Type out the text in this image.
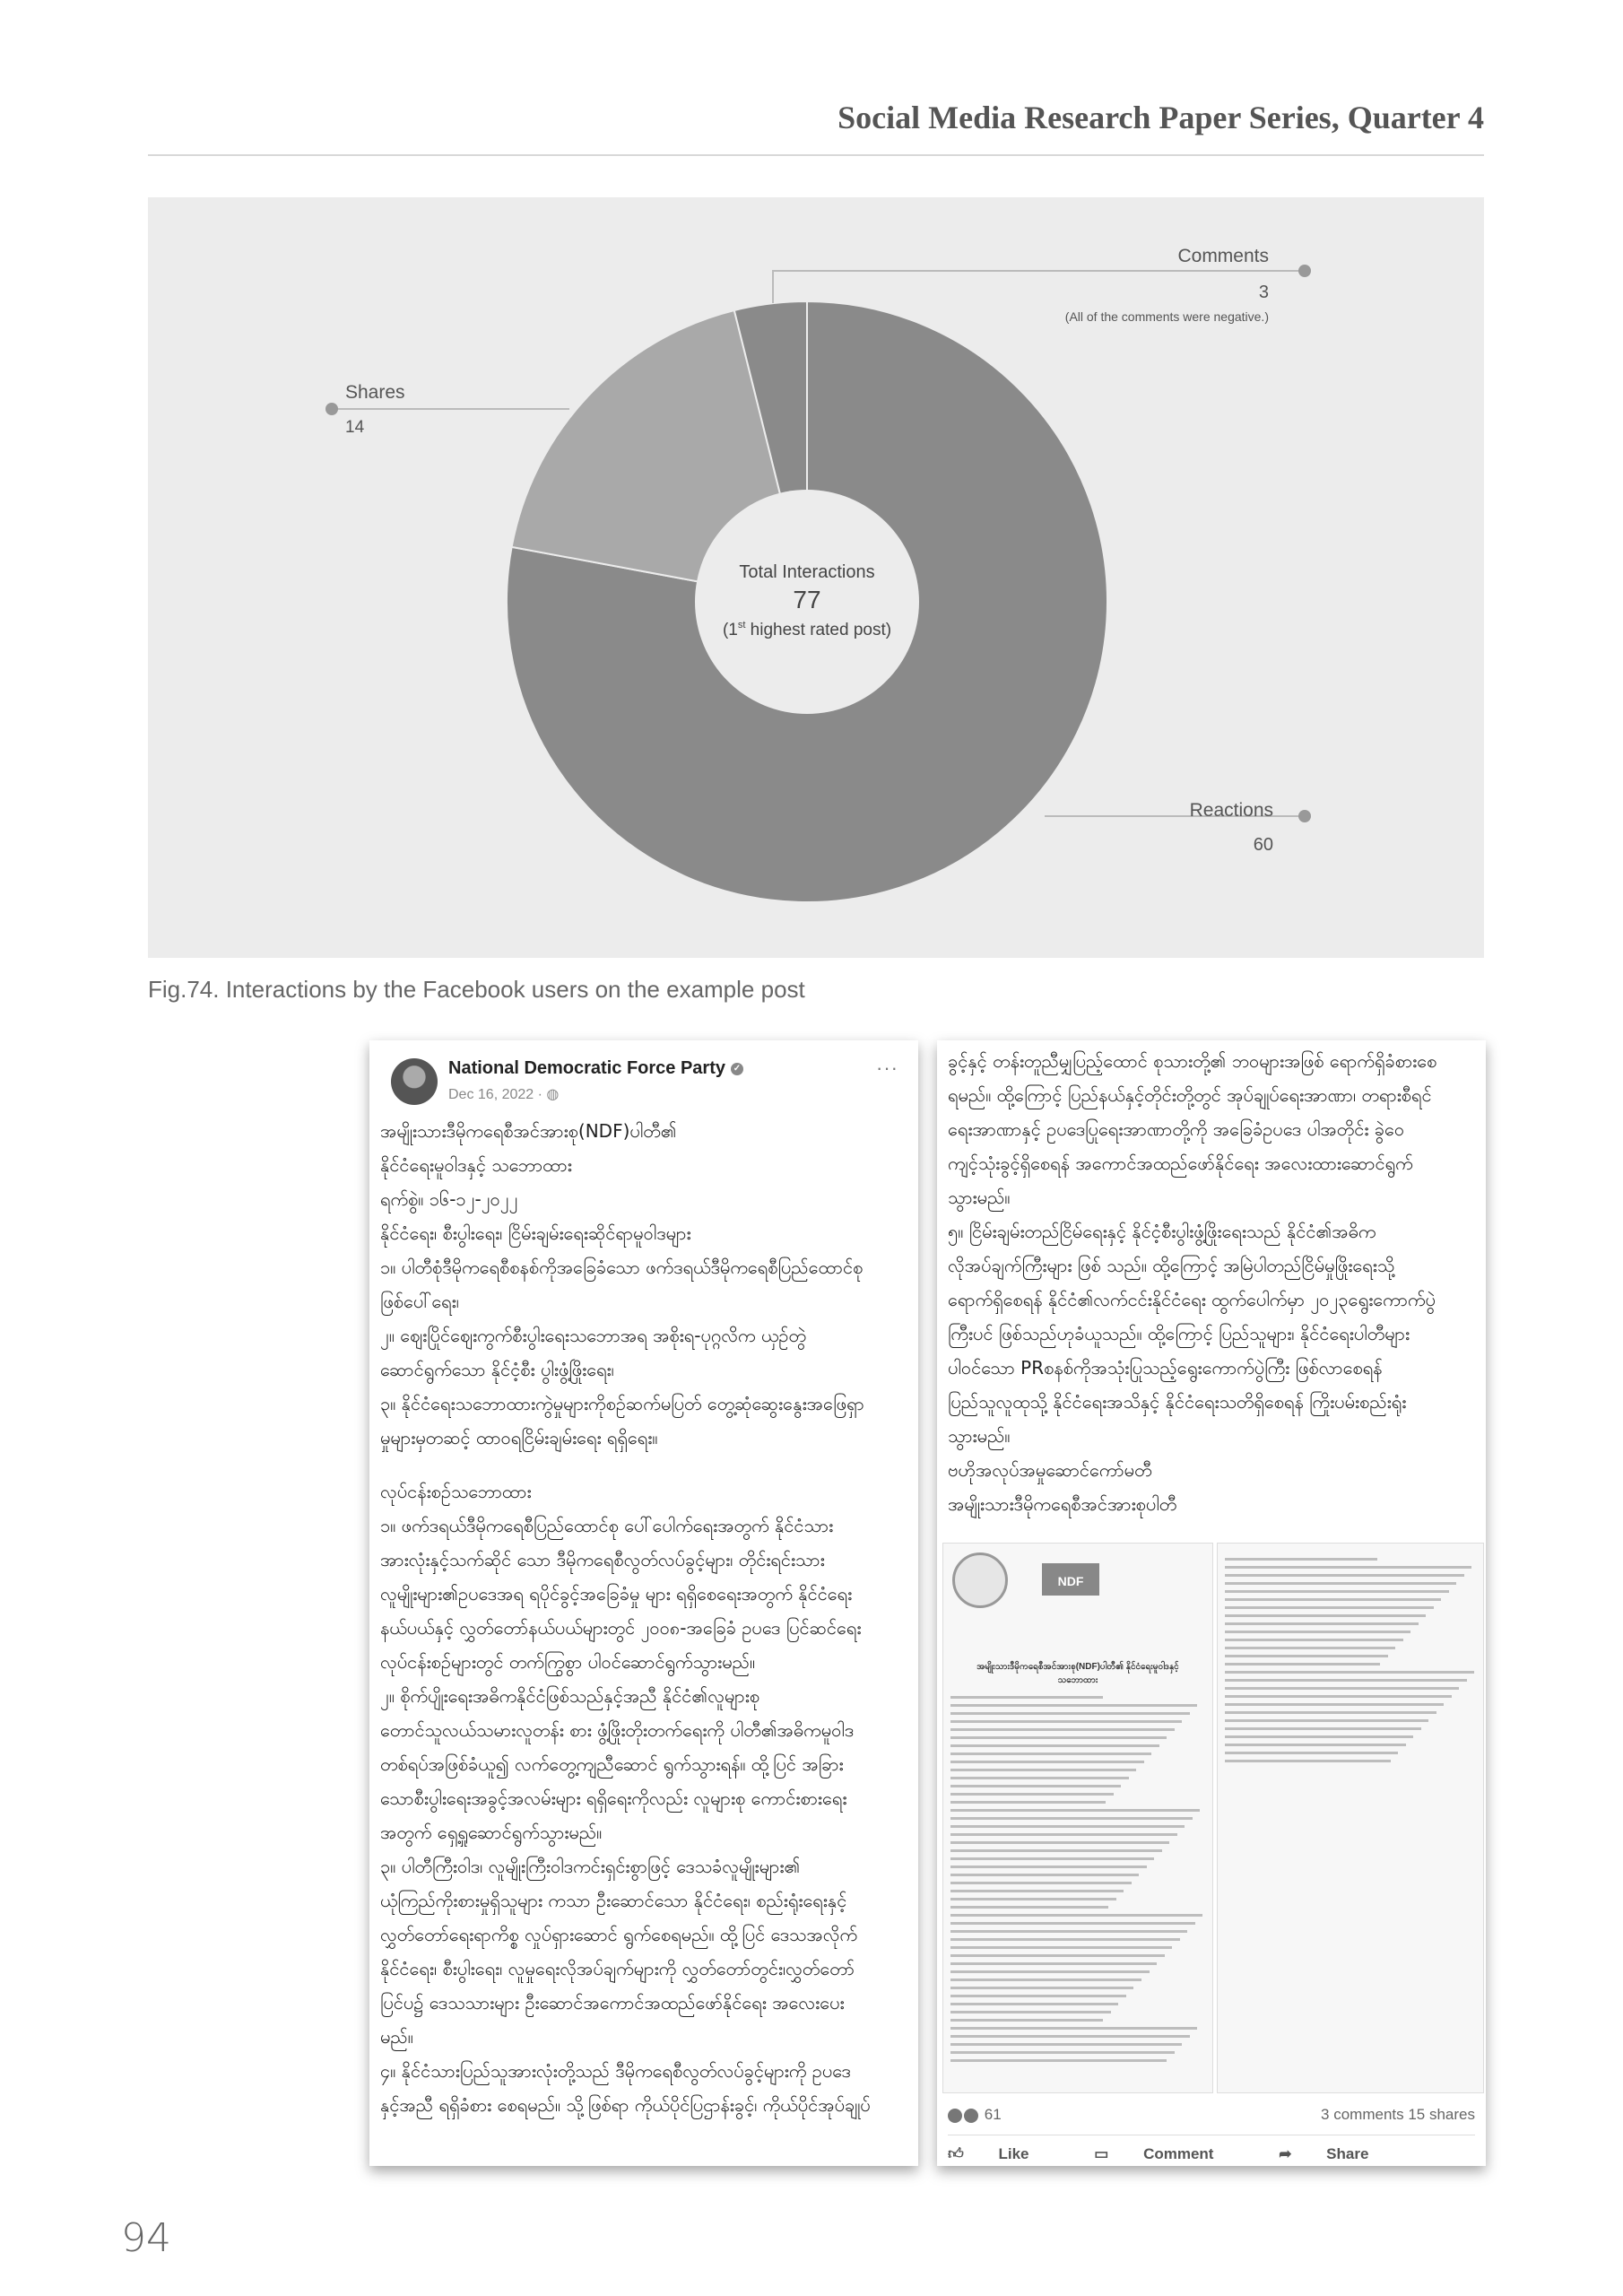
Social Media Research Paper Series, Quarter 4
Comments
3
(All of the comments were negative.)
Shares
14
Reactions
60
Total Interactions
77
(1st highest rated post)
Fig.74. Interactions by the Facebook users on the example post
National Democratic Force Party ✓
Dec 16, 2022 · ◍
···

အမျိုးသားဒီမိုကရေစီအင်အားစု(NDF)ပါတီ၏

နိုင်ငံရေးမူဝါဒနှင့် သဘောထား

ရက်စွဲ။ ၁၆-၁၂-၂၀၂၂

နိုင်ငံရေး၊ စီးပွါးရေး၊ ငြိမ်းချမ်းရေးဆိုင်ရာမူဝါဒများ

၁။ ပါတီစုံဒီမိုကရေစီစနစ်ကိုအခြေခံသော ဖက်ဒရယ်ဒီမိုကရေစီပြည်ထောင်စု

ဖြစ်ပေါ်ရေး၊

၂။ ဈေးပြိုင်ဈေးကွက်စီးပွါးရေးသဘောအရ အစိုးရ-ပုဂ္ဂလိက ယှဉ်တွဲ

ဆောင်ရွက်သော နိုင်ငံ့စီး ပွါးဖွံ့ဖြိုးရေး၊

၃။ နိုင်ငံရေးသဘောထားကွဲမှုများကိုစဉ်ဆက်မပြတ် တွေ့ဆုံဆွေးနွေးအဖြေရှာ

မှုများမှတဆင့် ထာဝရငြိမ်းချမ်းရေး ရရှိရေး။

လုပ်ငန်းစဉ်သဘောထား

၁။ ဖက်ဒရယ်ဒီမိုကရေစီပြည်ထောင်စု ပေါ်ပေါက်ရေးအတွက် နိုင်ငံသား

အားလုံးနှင့်သက်ဆိုင် သော ဒီမိုကရေစီလွတ်လပ်ခွင့်များ၊ တိုင်းရင်းသား

လူမျိုးများ၏ဥပဒေအရ ရပိုင်ခွင့်အခြေခံမှု များ ရရှိစေရေးအတွက် နိုင်ငံရေး

နယ်ပယ်နှင့် လွှတ်တော်နယ်ပယ်များတွင် ၂၀၀၈-အခြေခံ ဥပဒေ ပြင်ဆင်ရေး

လုပ်ငန်းစဉ်များတွင် တက်ကြွစွာ ပါဝင်ဆောင်ရွက်သွားမည်။

၂။ စိုက်ပျိုးရေးအဓိကနိုင်ငံဖြစ်သည်နှင့်အညီ နိုင်ငံ၏လူများစု

တောင်သူလယ်သမားလူတန်း စား ဖွံ့ဖြိုးတိုးတက်ရေးကို ပါတီ၏အဓိကမူဝါဒ

တစ်ရပ်အဖြစ်ခံယူ၍ လက်တွေ့ကျညီဆောင် ရွက်သွားရန်။ ထို့ပြင် အခြား

သောစီးပွါးရေးအခွင့်အလမ်းများ ရရှိရေးကိုလည်း လူများစု ကောင်းစားရေး

အတွက် ရှေ့ရှုဆောင်ရွက်သွားမည်။

၃။ ပါတီကြီး၀ါဒ၊ လူမျိုးကြီး၀ါဒကင်းရှင်းစွာဖြင့် ဒေသခံလူမျိုးများ၏

ယုံကြည်ကိုးစားမှုရှိသူများ ကသာ ဦးဆောင်သော နိုင်ငံရေး၊ စည်းရုံးရေးနှင့်

လွှတ်တော်ရေးရာကိစ္စ လှုပ်ရှားဆောင် ရွက်စေရမည်။ ထို့ပြင် ဒေသအလိုက်

နိုင်ငံရေး၊ စီးပွါးရေး၊ လူမှုရေးလိုအပ်ချက်များကို လွှတ်တော်တွင်း၊လွှတ်တော်

ပြင်ပ၌ ဒေသသားများ ဦးဆောင်အကောင်အထည်ဖော်နိုင်ရေး အလေးပေး

မည်။

၄။ နိုင်ငံသားပြည်သူအားလုံးတို့သည် ဒီမိုကရေစီလွတ်လပ်ခွင့်များကို ဥပဒေ

နှင့်အညီ ရရှိခံစား စေရမည်။ သို့ဖြစ်ရာ ကိုယ်ပိုင်ပြဌာန်းခွင့်၊ ကိုယ်ပိုင်အုပ်ချုပ်

ခွင့်နှင့် တန်းတူညီမျှပြည့်ထောင် စုသားတို့၏ ဘဝများအဖြစ် ရောက်ရှိခံစားစေ

ရမည်။ ထို့ကြောင့် ပြည်နယ်နှင့်တိုင်းတို့တွင် အုပ်ချုပ်ရေးအာဏာ၊ တရားစီရင်

ရေးအာဏာနှင့် ဥပဒေပြုရေးအာဏာတို့ကို အခြေခံဥပဒေ ပါအတိုင်း ခွဲဝေ

ကျင့်သုံးခွင့်ရှိစေရန် အကောင်အထည်ဖော်နိုင်ရေး အလေးထားဆောင်ရွက်

သွားမည်။

၅။ ငြိမ်းချမ်းတည်ငြိမ်ရေးနှင့် နိုင်ငံ့စီးပွါးဖွံ့ဖြိုးရေးသည် နိုင်ငံ၏အဓိက

လိုအပ်ချက်ကြီးများ ဖြစ် သည်။ ထို့ကြောင့် အမြဲပါတည်ငြိမ်မှုဖြိုးရေးသို့

ရောက်ရှိစေရန် နိုင်ငံ၏လက်ငင်းနိုင်ငံရေး ထွက်ပေါက်မှာ ၂၀၂၃ရွေးကောက်ပွဲ

ကြီးပင် ဖြစ်သည်ဟုခံယူသည်။ ထို့ကြောင့် ပြည်သူများ၊ နိုင်ငံရေးပါတီများ

ပါဝင်သော PRစနစ်ကိုအသုံးပြုသည့်ရွေးကောက်ပွဲကြီး ဖြစ်လာစေရန်

ပြည်သူလူထုသို့ နိုင်ငံရေးအသိနှင့် နိုင်ငံရေးသတိရှိစေရန် ကြိုးပမ်းစည်းရုံး

သွားမည်။

ဗဟိုအလုပ်အမှုဆောင်ကော်မတီ

အမျိုးသားဒီမိုကရေစီအင်အားစုပါတီ

NDF
အမျိုးသားဒီမိုကရေစီအင်အားစု(NDF)ပါတီ၏ နိုင်ငံရေးမူဝါဒနှင့် သဘောထား
61	3 comments 15 shares
👍︎ Like	▭ Comment	➦ Share
94
